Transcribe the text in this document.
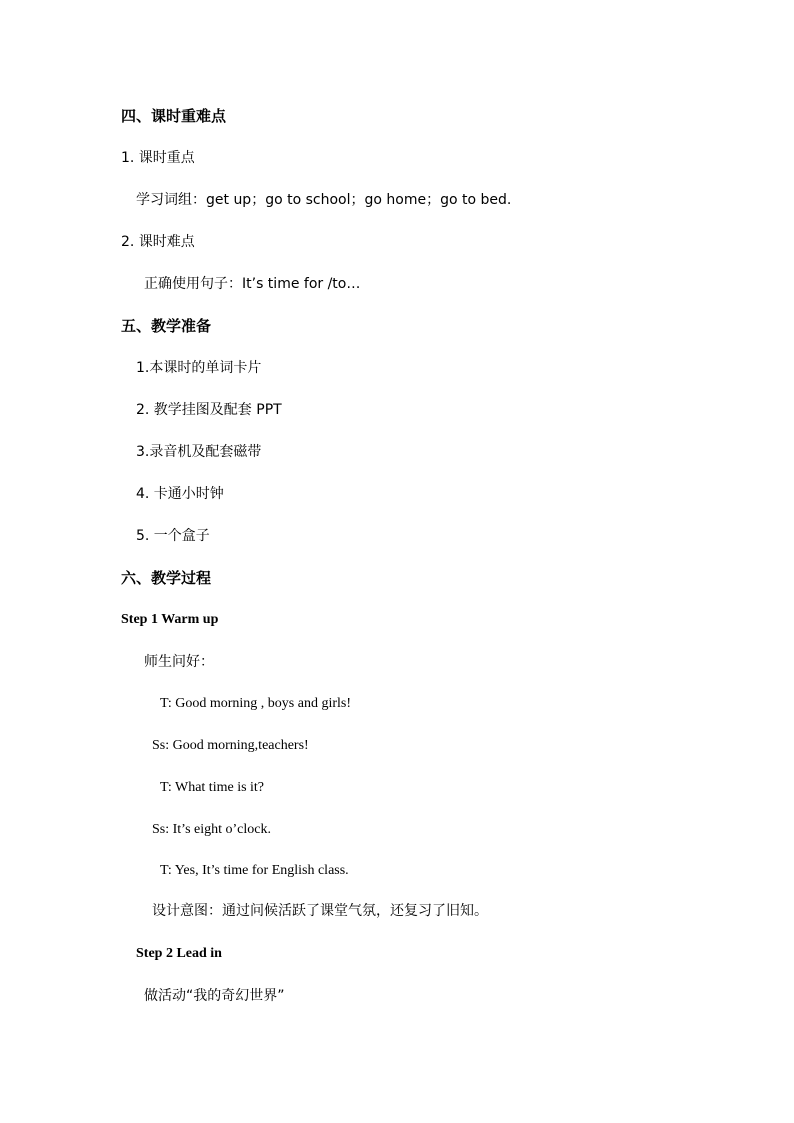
四、课时重难点
1. 课时重点
学习词组：get up；go to school；go home；go to bed.
2. 课时难点
正确使用句子：It’s time for /to…
五、教学准备
1.本课时的单词卡片
2. 教学挂图及配套 PPT
3.录音机及配套磁带
4. 卡通小时钟
5. 一个盒子
六、教学过程
Step 1 Warm up
师生问好：
T: Good morning , boys and girls!
Ss: Good morning,teachers!
T: What time is it?
Ss: It’s eight o’clock.
T: Yes, It’s time for English class.
设计意图：通过问候活跃了课堂气氛，还复习了旧知。
Step 2 Lead in
做活动“我的奇幻世界”
